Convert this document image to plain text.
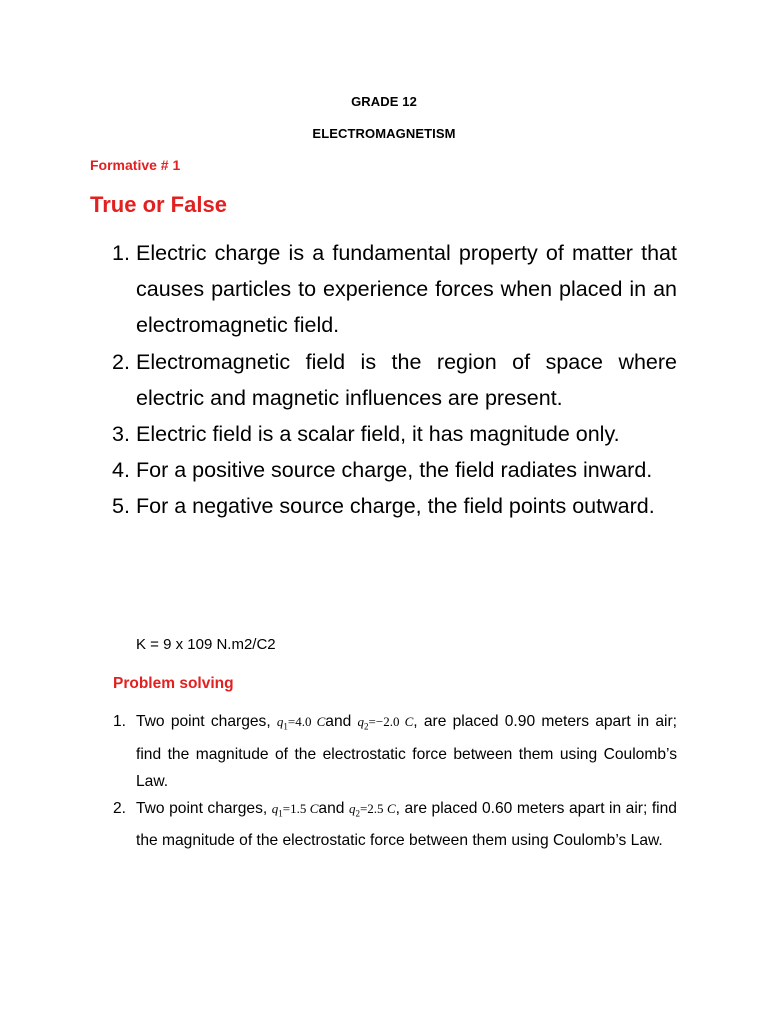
GRADE 12
ELECTROMAGNETISM
Formative # 1
True or False
1. Electric charge is a fundamental property of matter that causes particles to experience forces when placed in an electromagnetic field.
2. Electromagnetic field is the region of space where electric and magnetic influences are present.
3. Electric field is a scalar field, it has magnitude only.
4. For a positive source charge, the field radiates inward.
5. For a negative source charge, the field points outward.
K = 9 x 109 N.m2/C2
Problem solving
1. Two point charges, $q_1=4.0$ Cand $q_2=-2.0$ C, are placed 0.90 meters apart in air; find the magnitude of the electrostatic force between them using Coulomb’s Law.
2. Two point charges, $q_1=1.5$ Cand $q_2=2.5$ C, are placed 0.60 meters apart in air; find the magnitude of the electrostatic force between them using Coulomb’s Law.
